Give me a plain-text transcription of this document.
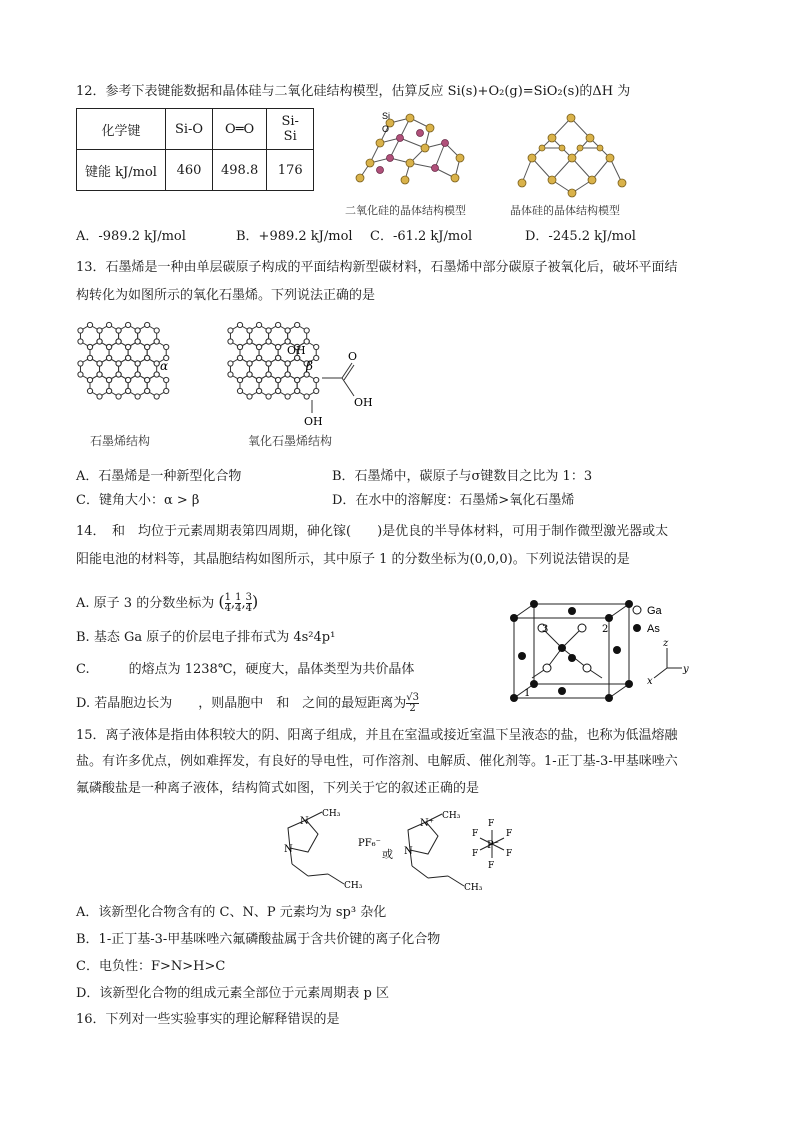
12．参考下表键能数据和晶体硅与二氧化硅结构模型，估算反应 Si(s)+O₂(g)=SiO₂(s)的ΔH 为
化学键	Si-O	O═O	Si-Si
键能 kJ/mol	460	498.8	176
Si
O
二氧化硅的晶体结构模型	晶体硅的晶体结构模型
A．-989.2 kJ/mol	B．+989.2 kJ/mol C．-61.2 kJ/mol	D．-245.2 kJ/mol
13．石墨烯是一种由单层碳原子构成的平面结构新型碳材料，石墨烯中部分碳原子被氧化后，破坏平面结
构转化为如图所示的氧化石墨烯。下列说法正确的是
α
石墨烯结构
OH
β
O
OH
OH
氧化石墨烯结构
A．石墨烯是一种新型化合物	B．石墨烯中，碳原子与σ键数目之比为 1：3
C．键角大小：α > β	D．在水中的溶解度：石墨烯>氧化石墨烯
14．　和　均位于元素周期表第四周期，砷化镓(　　)是优良的半导体材料，可用于制作微型激光器或太
阳能电池的材料等，其晶胞结构如图所示，其中原子 1 的分数坐标为(0,0,0)。下列说法错误的是
A. 原子 3 的分数坐标为 ( $\frac{1}{4}$ , $\frac{1}{4}$ , $\frac{3}{4}$ )
B. 基态 Ga 原子的价层电子排布式为 4s²4p¹
C.　　　的熔点为 1238℃，硬度大，晶体类型为共价晶体
D. 若晶胞边长为　　，则晶胞中　和　之间的最短距离为 $\frac{√3}{2}$
3	2
1
Ga
As
z
y
x
15．离子液体是指由体积较大的阴、阳离子组成，并且在室温或接近室温下呈液态的盐，也称为低温熔融
盐。有许多优点，例如难挥发，有良好的导电性，可作溶剂、电解质、催化剂等。1-正丁基-3-甲基咪唑六
氟磷酸盐是一种离子液体，结构简式如图，下列关于它的叙述正确的是
N
CH₃
N
CH₃
PF₆⁻
或
N⁺
CH₃
N
CH₃
P⁻
F
F
F
F
F
F
A．该新型化合物含有的 C、N、P 元素均为 sp³ 杂化
B．1-正丁基-3-甲基咪唑六氟磷酸盐属于含共价键的离子化合物
C．电负性：F>N>H>C
D．该新型化合物的组成元素全部位于元素周期表 p 区
16．下列对一些实验事实的理论解释错误的是
